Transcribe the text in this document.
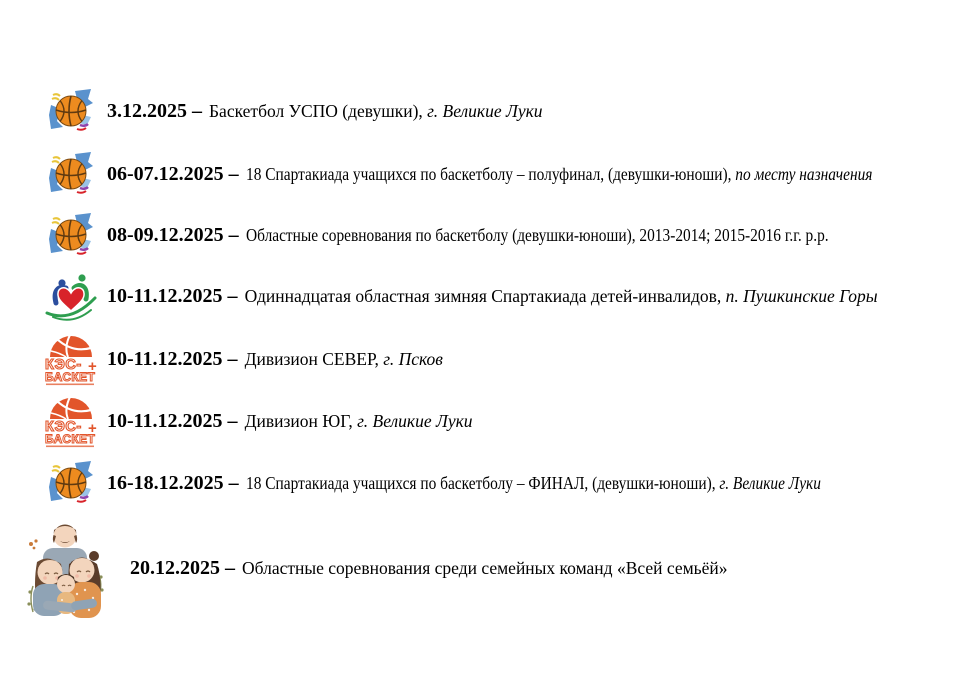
3.12.2025 – Баскетбол УСПО (девушки), г. Великие Луки
06-07.12.2025 – 18 Спартакиада учащихся по баскетболу – полуфинал, (девушки-юноши), по месту назначения
08-09.12.2025 – Областные соревнования по баскетболу (девушки-юноши), 2013-2014; 2015-2016 г.г. р.р.
10-11.12.2025 – Одиннадцатая областная зимняя Спартакиада детей-инвалидов, п. Пушкинские Горы
КЭС- +
БАСКЕТ
10-11.12.2025 – Дивизион СЕВЕР, г. Псков
КЭС- +
БАСКЕТ
10-11.12.2025 – Дивизион ЮГ, г. Великие Луки
16-18.12.2025 – 18 Спартакиада учащихся по баскетболу – ФИНАЛ, (девушки-юноши), г. Великие Луки
20.12.2025 – Областные соревнования среди семейных команд «Всей семьёй»
